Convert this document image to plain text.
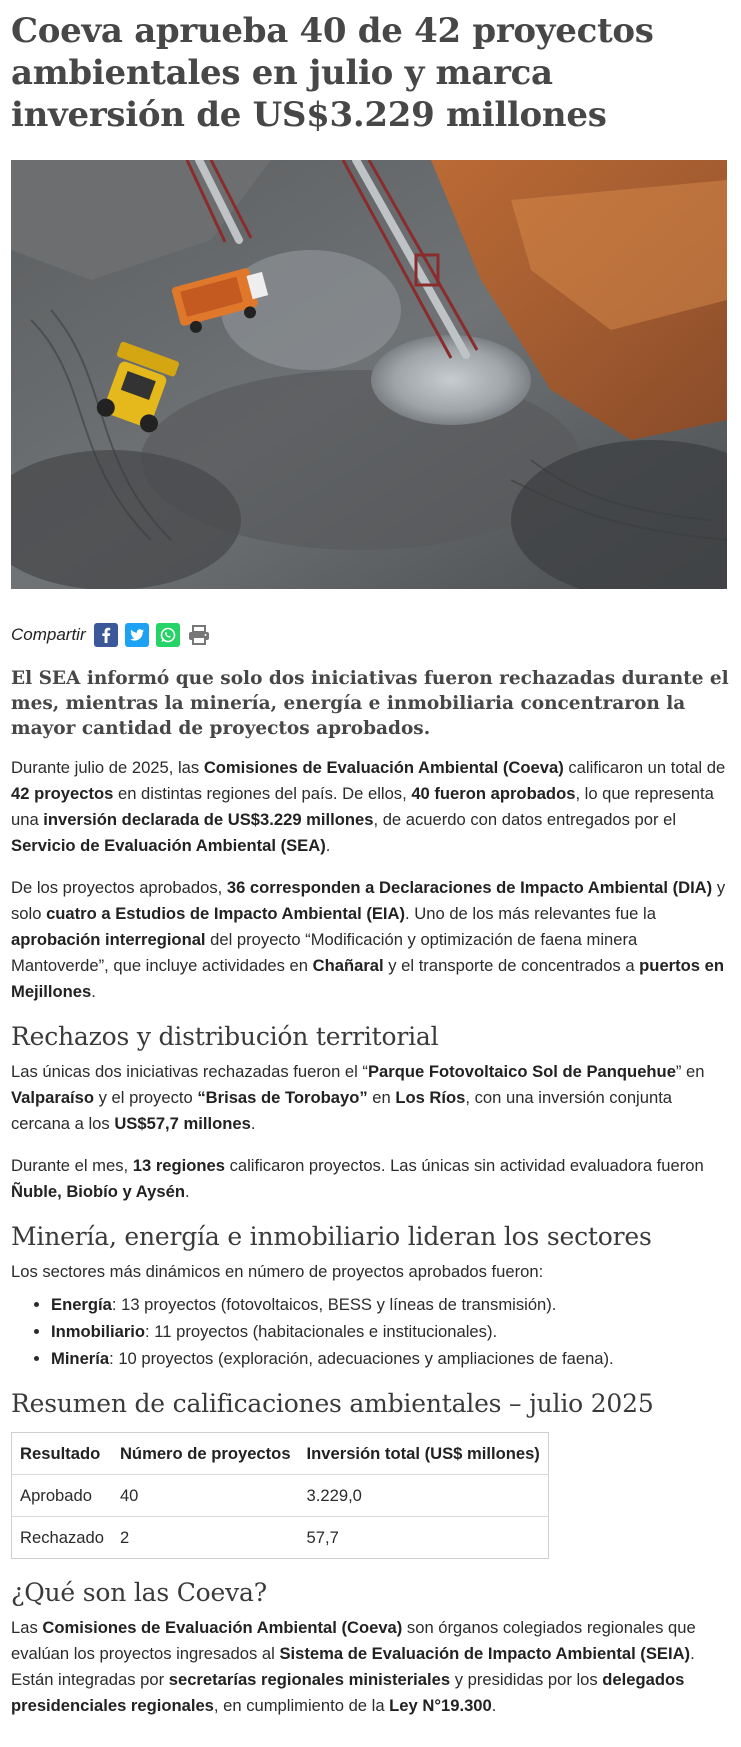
Coeva aprueba 40 de 42 proyectos ambientales en julio y marca inversión de US$3.229 millones
Compartir

El SEA informó que solo dos iniciativas fueron rechazadas durante el mes, mientras la minería, energía e inmobiliaria concentraron la mayor cantidad de proyectos aprobados.

Durante julio de 2025, las Comisiones de Evaluación Ambiental (Coeva) calificaron un total de 42 proyectos en distintas regiones del país. De ellos, 40 fueron aprobados, lo que representa una inversión declarada de US$3.229 millones, de acuerdo con datos entregados por el Servicio de Evaluación Ambiental (SEA).

De los proyectos aprobados, 36 corresponden a Declaraciones de Impacto Ambiental (DIA) y solo cuatro a Estudios de Impacto Ambiental (EIA). Uno de los más relevantes fue la aprobación interregional del proyecto “Modificación y optimización de faena minera Mantoverde”, que incluye actividades en Chañaral y el transporte de concentrados a puertos en Mejillones.

Rechazos y distribución territorial

Las únicas dos iniciativas rechazadas fueron el “Parque Fotovoltaico Sol de Panquehue” en Valparaíso y el proyecto “Brisas de Torobayo” en Los Ríos, con una inversión conjunta cercana a los US$57,7 millones.

Durante el mes, 13 regiones calificaron proyectos. Las únicas sin actividad evaluadora fueron Ñuble, Biobío y Aysén.

Minería, energía e inmobiliario lideran los sectores

Los sectores más dinámicos en número de proyectos aprobados fueron:

• Energía: 13 proyectos (fotovoltaicos, BESS y líneas de transmisión).
• Inmobiliario: 11 proyectos (habitacionales e institucionales).
• Minería: 10 proyectos (exploración, adecuaciones y ampliaciones de faena).
Resumen de calificaciones ambientales – julio 2025
Resultado	Número de proyectos	Inversión total (US$ millones)
Aprobado	40	3.229,0
Rechazado	2	57,7
¿Qué son las Coeva?

Las Comisiones de Evaluación Ambiental (Coeva) son órganos colegiados regionales que evalúan los proyectos ingresados al Sistema de Evaluación de Impacto Ambiental (SEIA). Están integradas por secretarías regionales ministeriales y presididas por los delegados presidenciales regionales, en cumplimiento de la Ley N°19.300.
